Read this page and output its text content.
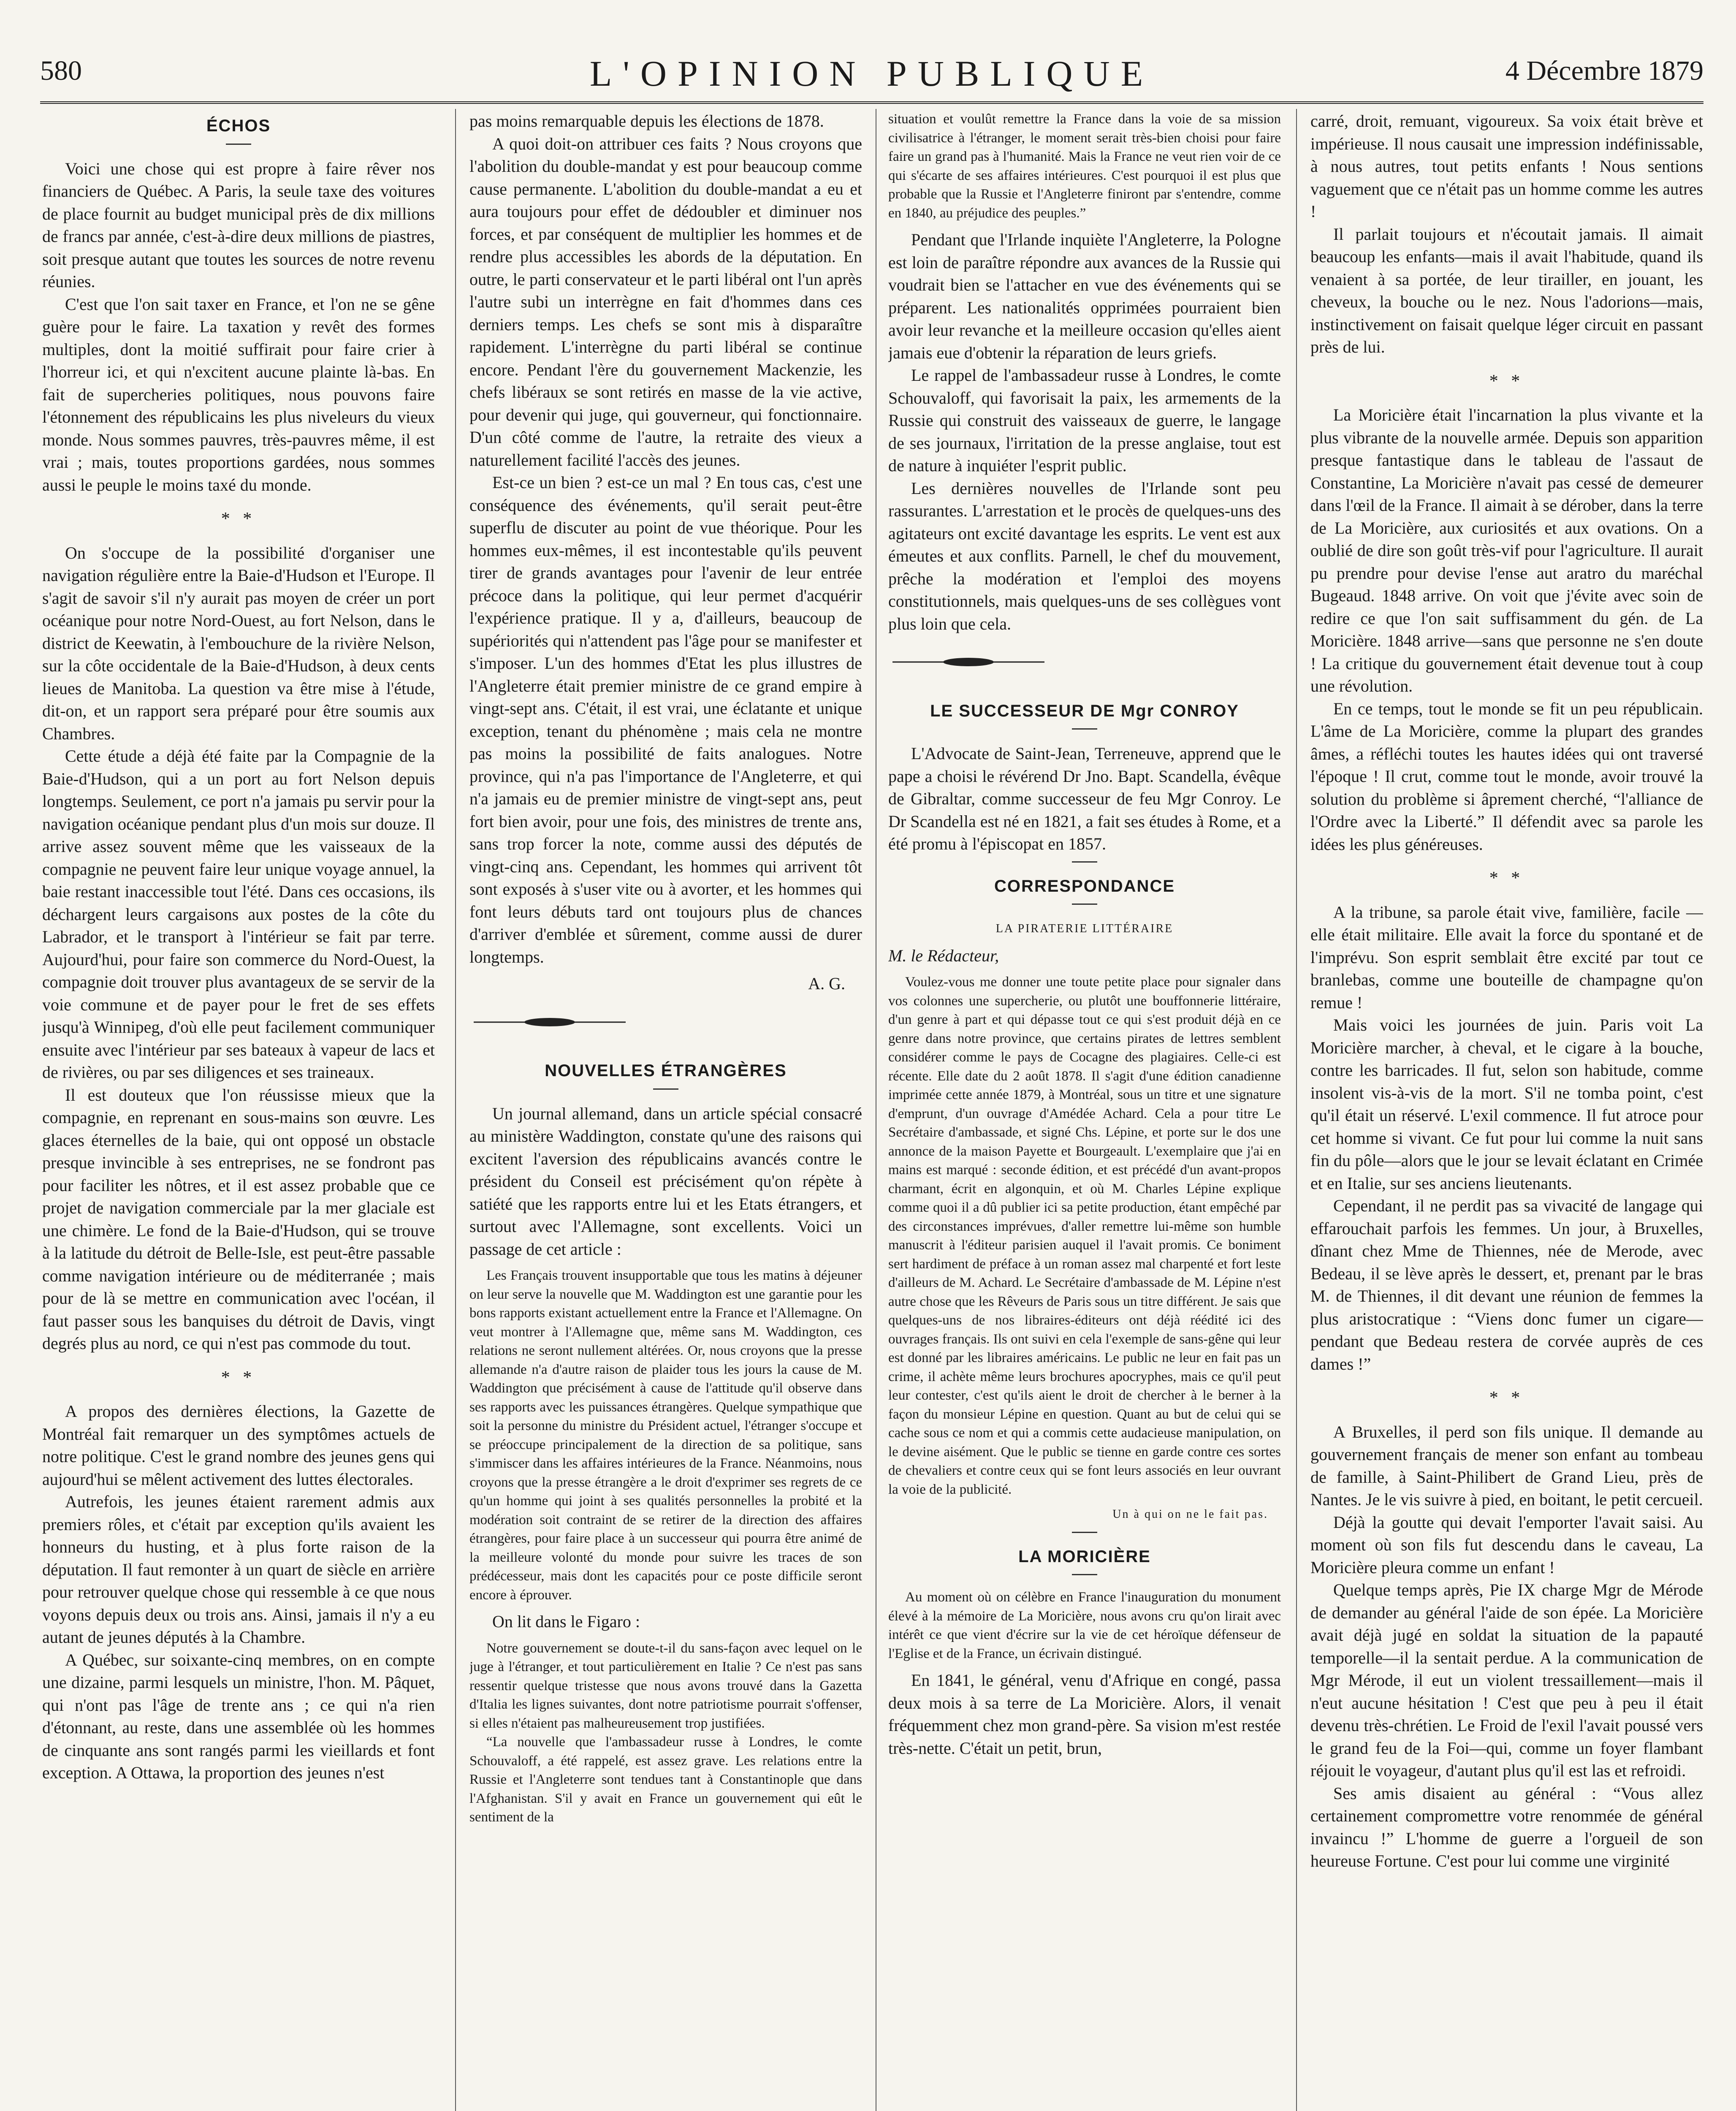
580	L'OPINION PUBLIQUE	4 Décembre 1879
ÉCHOS

Voici une chose qui est propre à faire rêver nos financiers de Québec. A Paris, la seule taxe des voitures de place fournit au budget municipal près de dix millions de francs par année, c'est-à-dire deux millions de piastres, soit presque autant que toutes les sources de notre revenu réunies.

C'est que l'on sait taxer en France, et l'on ne se gêne guère pour le faire. La taxation y revêt des formes multiples, dont la moitié suffirait pour faire crier à l'horreur ici, et qui n'excitent aucune plainte là-bas. En fait de supercheries politiques, nous pouvons faire l'étonnement des républicains les plus niveleurs du vieux monde. Nous sommes pauvres, très-pauvres même, il est vrai ; mais, toutes proportions gardées, nous sommes aussi le peuple le moins taxé du monde.

* *

On s'occupe de la possibilité d'organiser une navigation régulière entre la Baie-d'Hudson et l'Europe. Il s'agit de savoir s'il n'y aurait pas moyen de créer un port océanique pour notre Nord-Ouest, au fort Nelson, dans le district de Keewatin, à l'embouchure de la rivière Nelson, sur la côte occidentale de la Baie-d'Hudson, à deux cents lieues de Manitoba. La question va être mise à l'étude, dit-on, et un rapport sera préparé pour être soumis aux Chambres.

Cette étude a déjà été faite par la Compagnie de la Baie-d'Hudson, qui a un port au fort Nelson depuis longtemps. Seulement, ce port n'a jamais pu servir pour la navigation océanique pendant plus d'un mois sur douze. Il arrive assez souvent même que les vaisseaux de la compagnie ne peuvent faire leur unique voyage annuel, la baie restant inaccessible tout l'été. Dans ces occasions, ils déchargent leurs cargaisons aux postes de la côte du Labrador, et le transport à l'intérieur se fait par terre. Aujourd'hui, pour faire son commerce du Nord-Ouest, la compagnie doit trouver plus avantageux de se servir de la voie commune et de payer pour le fret de ses effets jusqu'à Winnipeg, d'où elle peut facilement communiquer ensuite avec l'intérieur par ses bateaux à vapeur de lacs et de rivières, ou par ses diligences et ses traineaux.

Il est douteux que l'on réussisse mieux que la compagnie, en reprenant en sous-mains son œuvre. Les glaces éternelles de la baie, qui ont opposé un obstacle presque invincible à ses entreprises, ne se fondront pas pour faciliter les nôtres, et il est assez probable que ce projet de navigation commerciale par la mer glaciale est une chimère. Le fond de la Baie-d'Hudson, qui se trouve à la latitude du détroit de Belle-Isle, est peut-être passable comme navigation intérieure ou de méditerranée ; mais pour de là se mettre en communication avec l'océan, il faut passer sous les banquises du détroit de Davis, vingt degrés plus au nord, ce qui n'est pas commode du tout.

* *

A propos des dernières élections, la Gazette de Montréal fait remarquer un des symptômes actuels de notre politique. C'est le grand nombre des jeunes gens qui aujourd'hui se mêlent activement des luttes électorales.

Autrefois, les jeunes étaient rarement admis aux premiers rôles, et c'était par exception qu'ils avaient les honneurs du husting, et à plus forte raison de la députation. Il faut remonter à un quart de siècle en arrière pour retrouver quelque chose qui ressemble à ce que nous voyons depuis deux ou trois ans. Ainsi, jamais il n'y a eu autant de jeunes députés à la Chambre.

A Québec, sur soixante-cinq membres, on en compte une dizaine, parmi lesquels un ministre, l'hon. M. Pâquet, qui n'ont pas l'âge de trente ans ; ce qui n'a rien d'étonnant, au reste, dans une assemblée où les hommes de cinquante ans sont rangés parmi les vieillards et font exception. A Ottawa, la proportion des jeunes n'est

pas moins remarquable depuis les élections de 1878.

A quoi doit-on attribuer ces faits ? Nous croyons que l'abolition du double-mandat y est pour beaucoup comme cause permanente. L'abolition du double-mandat a eu et aura toujours pour effet de dédoubler et diminuer nos forces, et par conséquent de multiplier les hommes et de rendre plus accessibles les abords de la députation. En outre, le parti conservateur et le parti libéral ont l'un après l'autre subi un interrègne en fait d'hommes dans ces derniers temps. Les chefs se sont mis à disparaître rapidement. L'interrègne du parti libéral se continue encore. Pendant l'ère du gouvernement Mackenzie, les chefs libéraux se sont retirés en masse de la vie active, pour devenir qui juge, qui gouverneur, qui fonctionnaire. D'un côté comme de l'autre, la retraite des vieux a naturellement facilité l'accès des jeunes.

Est-ce un bien ? est-ce un mal ? En tous cas, c'est une conséquence des événements, qu'il serait peut-être superflu de discuter au point de vue théorique. Pour les hommes eux-mêmes, il est incontestable qu'ils peuvent tirer de grands avantages pour l'avenir de leur entrée précoce dans la politique, qui leur permet d'acquérir l'expérience pratique. Il y a, d'ailleurs, beaucoup de supériorités qui n'attendent pas l'âge pour se manifester et s'imposer. L'un des hommes d'Etat les plus illustres de l'Angleterre était premier ministre de ce grand empire à vingt-sept ans. C'était, il est vrai, une éclatante et unique exception, tenant du phénomène ; mais cela ne montre pas moins la possibilité de faits analogues. Notre province, qui n'a pas l'importance de l'Angleterre, et qui n'a jamais eu de premier ministre de vingt-sept ans, peut fort bien avoir, pour une fois, des ministres de trente ans, sans trop forcer la note, comme aussi des députés de vingt-cinq ans. Cependant, les hommes qui arrivent tôt sont exposés à s'user vite ou à avorter, et les hommes qui font leurs débuts tard ont toujours plus de chances d'arriver d'emblée et sûrement, comme aussi de durer longtemps.

A. G.

NOUVELLES ÉTRANGÈRES

Un journal allemand, dans un article spécial consacré au ministère Waddington, constate qu'une des raisons qui excitent l'aversion des républicains avancés contre le président du Conseil est précisément qu'on répète à satiété que les rapports entre lui et les Etats étrangers, et surtout avec l'Allemagne, sont excellents. Voici un passage de cet article :

Les Français trouvent insupportable que tous les matins à déjeuner on leur serve la nouvelle que M. Waddington est une garantie pour les bons rapports existant actuellement entre la France et l'Allemagne. On veut montrer à l'Allemagne que, même sans M. Waddington, ces relations ne seront nullement altérées. Or, nous croyons que la presse allemande n'a d'autre raison de plaider tous les jours la cause de M. Waddington que précisément à cause de l'attitude qu'il observe dans ses rapports avec les puissances étrangères. Quelque sympathique que soit la personne du ministre du Président actuel, l'étranger s'occupe et se préoccupe principalement de la direction de sa politique, sans s'immiscer dans les affaires intérieures de la France. Néanmoins, nous croyons que la presse étrangère a le droit d'exprimer ses regrets de ce qu'un homme qui joint à ses qualités personnelles la probité et la modération soit contraint de se retirer de la direction des affaires étrangères, pour faire place à un successeur qui pourra être animé de la meilleure volonté du monde pour suivre les traces de son prédécesseur, mais dont les capacités pour ce poste difficile seront encore à éprouver.

On lit dans le Figaro :

Notre gouvernement se doute-t-il du sans-façon avec lequel on le juge à l'étranger, et tout particulièrement en Italie ? Ce n'est pas sans ressentir quelque tristesse que nous avons trouvé dans la Gazetta d'Italia les lignes suivantes, dont notre patriotisme pourrait s'offenser, si elles n'étaient pas malheureusement trop justifiées.

“La nouvelle que l'ambassadeur russe à Londres, le comte Schouvaloff, a été rappelé, est assez grave. Les relations entre la Russie et l'Angleterre sont tendues tant à Constantinople que dans l'Afghanistan. S'il y avait en France un gouvernement qui eût le sentiment de la

situation et voulût remettre la France dans la voie de sa mission civilisatrice à l'étranger, le moment serait très-bien choisi pour faire faire un grand pas à l'humanité. Mais la France ne veut rien voir de ce qui s'écarte de ses affaires intérieures. C'est pourquoi il est plus que probable que la Russie et l'Angleterre finiront par s'entendre, comme en 1840, au préjudice des peuples.”

Pendant que l'Irlande inquiète l'Angleterre, la Pologne est loin de paraître répondre aux avances de la Russie qui voudrait bien se l'attacher en vue des événements qui se préparent. Les nationalités opprimées pourraient bien avoir leur revanche et la meilleure occasion qu'elles aient jamais eue d'obtenir la réparation de leurs griefs.

Le rappel de l'ambassadeur russe à Londres, le comte Schouvaloff, qui favorisait la paix, les armements de la Russie qui construit des vaisseaux de guerre, le langage de ses journaux, l'irritation de la presse anglaise, tout est de nature à inquiéter l'esprit public.

Les dernières nouvelles de l'Irlande sont peu rassurantes. L'arrestation et le procès de quelques-uns des agitateurs ont excité davantage les esprits. Le vent est aux émeutes et aux conflits. Parnell, le chef du mouvement, prêche la modération et l'emploi des moyens constitutionnels, mais quelques-uns de ses collègues vont plus loin que cela.

LE SUCCESSEUR DE Mgr CONROY

L'Advocate de Saint-Jean, Terreneuve, apprend que le pape a choisi le révérend Dr Jno. Bapt. Scandella, évêque de Gibraltar, comme successeur de feu Mgr Conroy. Le Dr Scandella est né en 1821, a fait ses études à Rome, et a été promu à l'épiscopat en 1857.

CORRESPONDANCE
LA PIRATERIE LITTÉRAIRE

M. le Rédacteur,

Voulez-vous me donner une toute petite place pour signaler dans vos colonnes une supercherie, ou plutôt une bouffonnerie littéraire, d'un genre à part et qui dépasse tout ce qui s'est produit déjà en ce genre dans notre province, que certains pirates de lettres semblent considérer comme le pays de Cocagne des plagiaires. Celle-ci est récente. Elle date du 2 août 1878. Il s'agit d'une édition canadienne imprimée cette année 1879, à Montréal, sous un titre et une signature d'emprunt, d'un ouvrage d'Amédée Achard. Cela a pour titre Le Secrétaire d'ambassade, et signé Chs. Lépine, et porte sur le dos une annonce de la maison Payette et Bourgeault. L'exemplaire que j'ai en mains est marqué : seconde édition, et est précédé d'un avant-propos charmant, écrit en algonquin, et où M. Charles Lépine explique comme quoi il a dû publier ici sa petite production, étant empêché par des circonstances imprévues, d'aller remettre lui-même son humble manuscrit à l'éditeur parisien auquel il l'avait promis. Ce boniment sert hardiment de préface à un roman assez mal charpenté et fort leste d'ailleurs de M. Achard. Le Secrétaire d'ambassade de M. Lépine n'est autre chose que les Rêveurs de Paris sous un titre différent. Je sais que quelques-uns de nos libraires-éditeurs ont déjà réédité ici des ouvrages français. Ils ont suivi en cela l'exemple de sans-gêne qui leur est donné par les libraires américains. Le public ne leur en fait pas un crime, il achète même leurs brochures apocryphes, mais ce qu'il peut leur contester, c'est qu'ils aient le droit de chercher à le berner à la façon du monsieur Lépine en question. Quant au but de celui qui se cache sous ce nom et qui a commis cette audacieuse manipulation, on le devine aisément. Que le public se tienne en garde contre ces sortes de chevaliers et contre ceux qui se font leurs associés en leur ouvrant la voie de la publicité.

Un à qui on ne le fait pas.
LA MORICIÈRE

Au moment où on célèbre en France l'inauguration du monument élevé à la mémoire de La Moricière, nous avons cru qu'on lirait avec intérêt ce que vient d'écrire sur la vie de cet héroïque défenseur de l'Eglise et de la France, un écrivain distingué.

En 1841, le général, venu d'Afrique en congé, passa deux mois à sa terre de La Moricière. Alors, il venait fréquemment chez mon grand-père. Sa vision m'est restée très-nette. C'était un petit, brun,

carré, droit, remuant, vigoureux. Sa voix était brève et impérieuse. Il nous causait une impression indéfinissable, à nous autres, tout petits enfants ! Nous sentions vaguement que ce n'était pas un homme comme les autres !

Il parlait toujours et n'écoutait jamais. Il aimait beaucoup les enfants—mais il avait l'habitude, quand ils venaient à sa portée, de leur tirailler, en jouant, les cheveux, la bouche ou le nez. Nous l'adorions—mais, instinctivement on faisait quelque léger circuit en passant près de lui.

* *

La Moricière était l'incarnation la plus vivante et la plus vibrante de la nouvelle armée. Depuis son apparition presque fantastique dans le tableau de l'assaut de Constantine, La Moricière n'avait pas cessé de demeurer dans l'œil de la France. Il aimait à se dérober, dans la terre de La Moricière, aux curiosités et aux ovations. On a oublié de dire son goût très-vif pour l'agriculture. Il aurait pu prendre pour devise l'ense aut aratro du maréchal Bugeaud. 1848 arrive. On voit que j'évite avec soin de redire ce que l'on sait suffisamment du gén. de La Moricière. 1848 arrive—sans que personne ne s'en doute ! La critique du gouvernement était devenue tout à coup une révolution.

En ce temps, tout le monde se fit un peu républicain. L'âme de La Moricière, comme la plupart des grandes âmes, a réfléchi toutes les hautes idées qui ont traversé l'époque ! Il crut, comme tout le monde, avoir trouvé la solution du problème si âprement cherché, “l'alliance de l'Ordre avec la Liberté.” Il défendit avec sa parole les idées les plus généreuses.

* *

A la tribune, sa parole était vive, familière, facile — elle était militaire. Elle avait la force du spontané et de l'imprévu. Son esprit semblait être excité par tout ce branlebas, comme une bouteille de champagne qu'on remue !

Mais voici les journées de juin. Paris voit La Moricière marcher, à cheval, et le cigare à la bouche, contre les barricades. Il fut, selon son habitude, comme insolent vis-à-vis de la mort. S'il ne tomba point, c'est qu'il était un réservé. L'exil commence. Il fut atroce pour cet homme si vivant. Ce fut pour lui comme la nuit sans fin du pôle—alors que le jour se levait éclatant en Crimée et en Italie, sur ses anciens lieutenants.

Cependant, il ne perdit pas sa vivacité de langage qui effarouchait parfois les femmes. Un jour, à Bruxelles, dînant chez Mme de Thiennes, née de Merode, avec Bedeau, il se lève après le dessert, et, prenant par le bras M. de Thiennes, il dit devant une réunion de femmes la plus aristocratique : “Viens donc fumer un cigare—pendant que Bedeau restera de corvée auprès de ces dames !”

* *

A Bruxelles, il perd son fils unique. Il demande au gouvernement français de mener son enfant au tombeau de famille, à Saint-Philibert de Grand Lieu, près de Nantes. Je le vis suivre à pied, en boitant, le petit cercueil.

Déjà la goutte qui devait l'emporter l'avait saisi. Au moment où son fils fut descendu dans le caveau, La Moricière pleura comme un enfant !

Quelque temps après, Pie IX charge Mgr de Mérode de demander au général l'aide de son épée. La Moricière avait déjà jugé en soldat la situation de la papauté temporelle—il la sentait perdue. A la communication de Mgr Mérode, il eut un violent tressaillement—mais il n'eut aucune hésitation ! C'est que peu à peu il était devenu très-chrétien. Le Froid de l'exil l'avait poussé vers le grand feu de la Foi—qui, comme un foyer flambant réjouit le voyageur, d'autant plus qu'il est las et refroidi.

Ses amis disaient au général : “Vous allez certainement compromettre votre renommée de général invaincu !” L'homme de guerre a l'orgueil de son heureuse Fortune. C'est pour lui comme une virginité
